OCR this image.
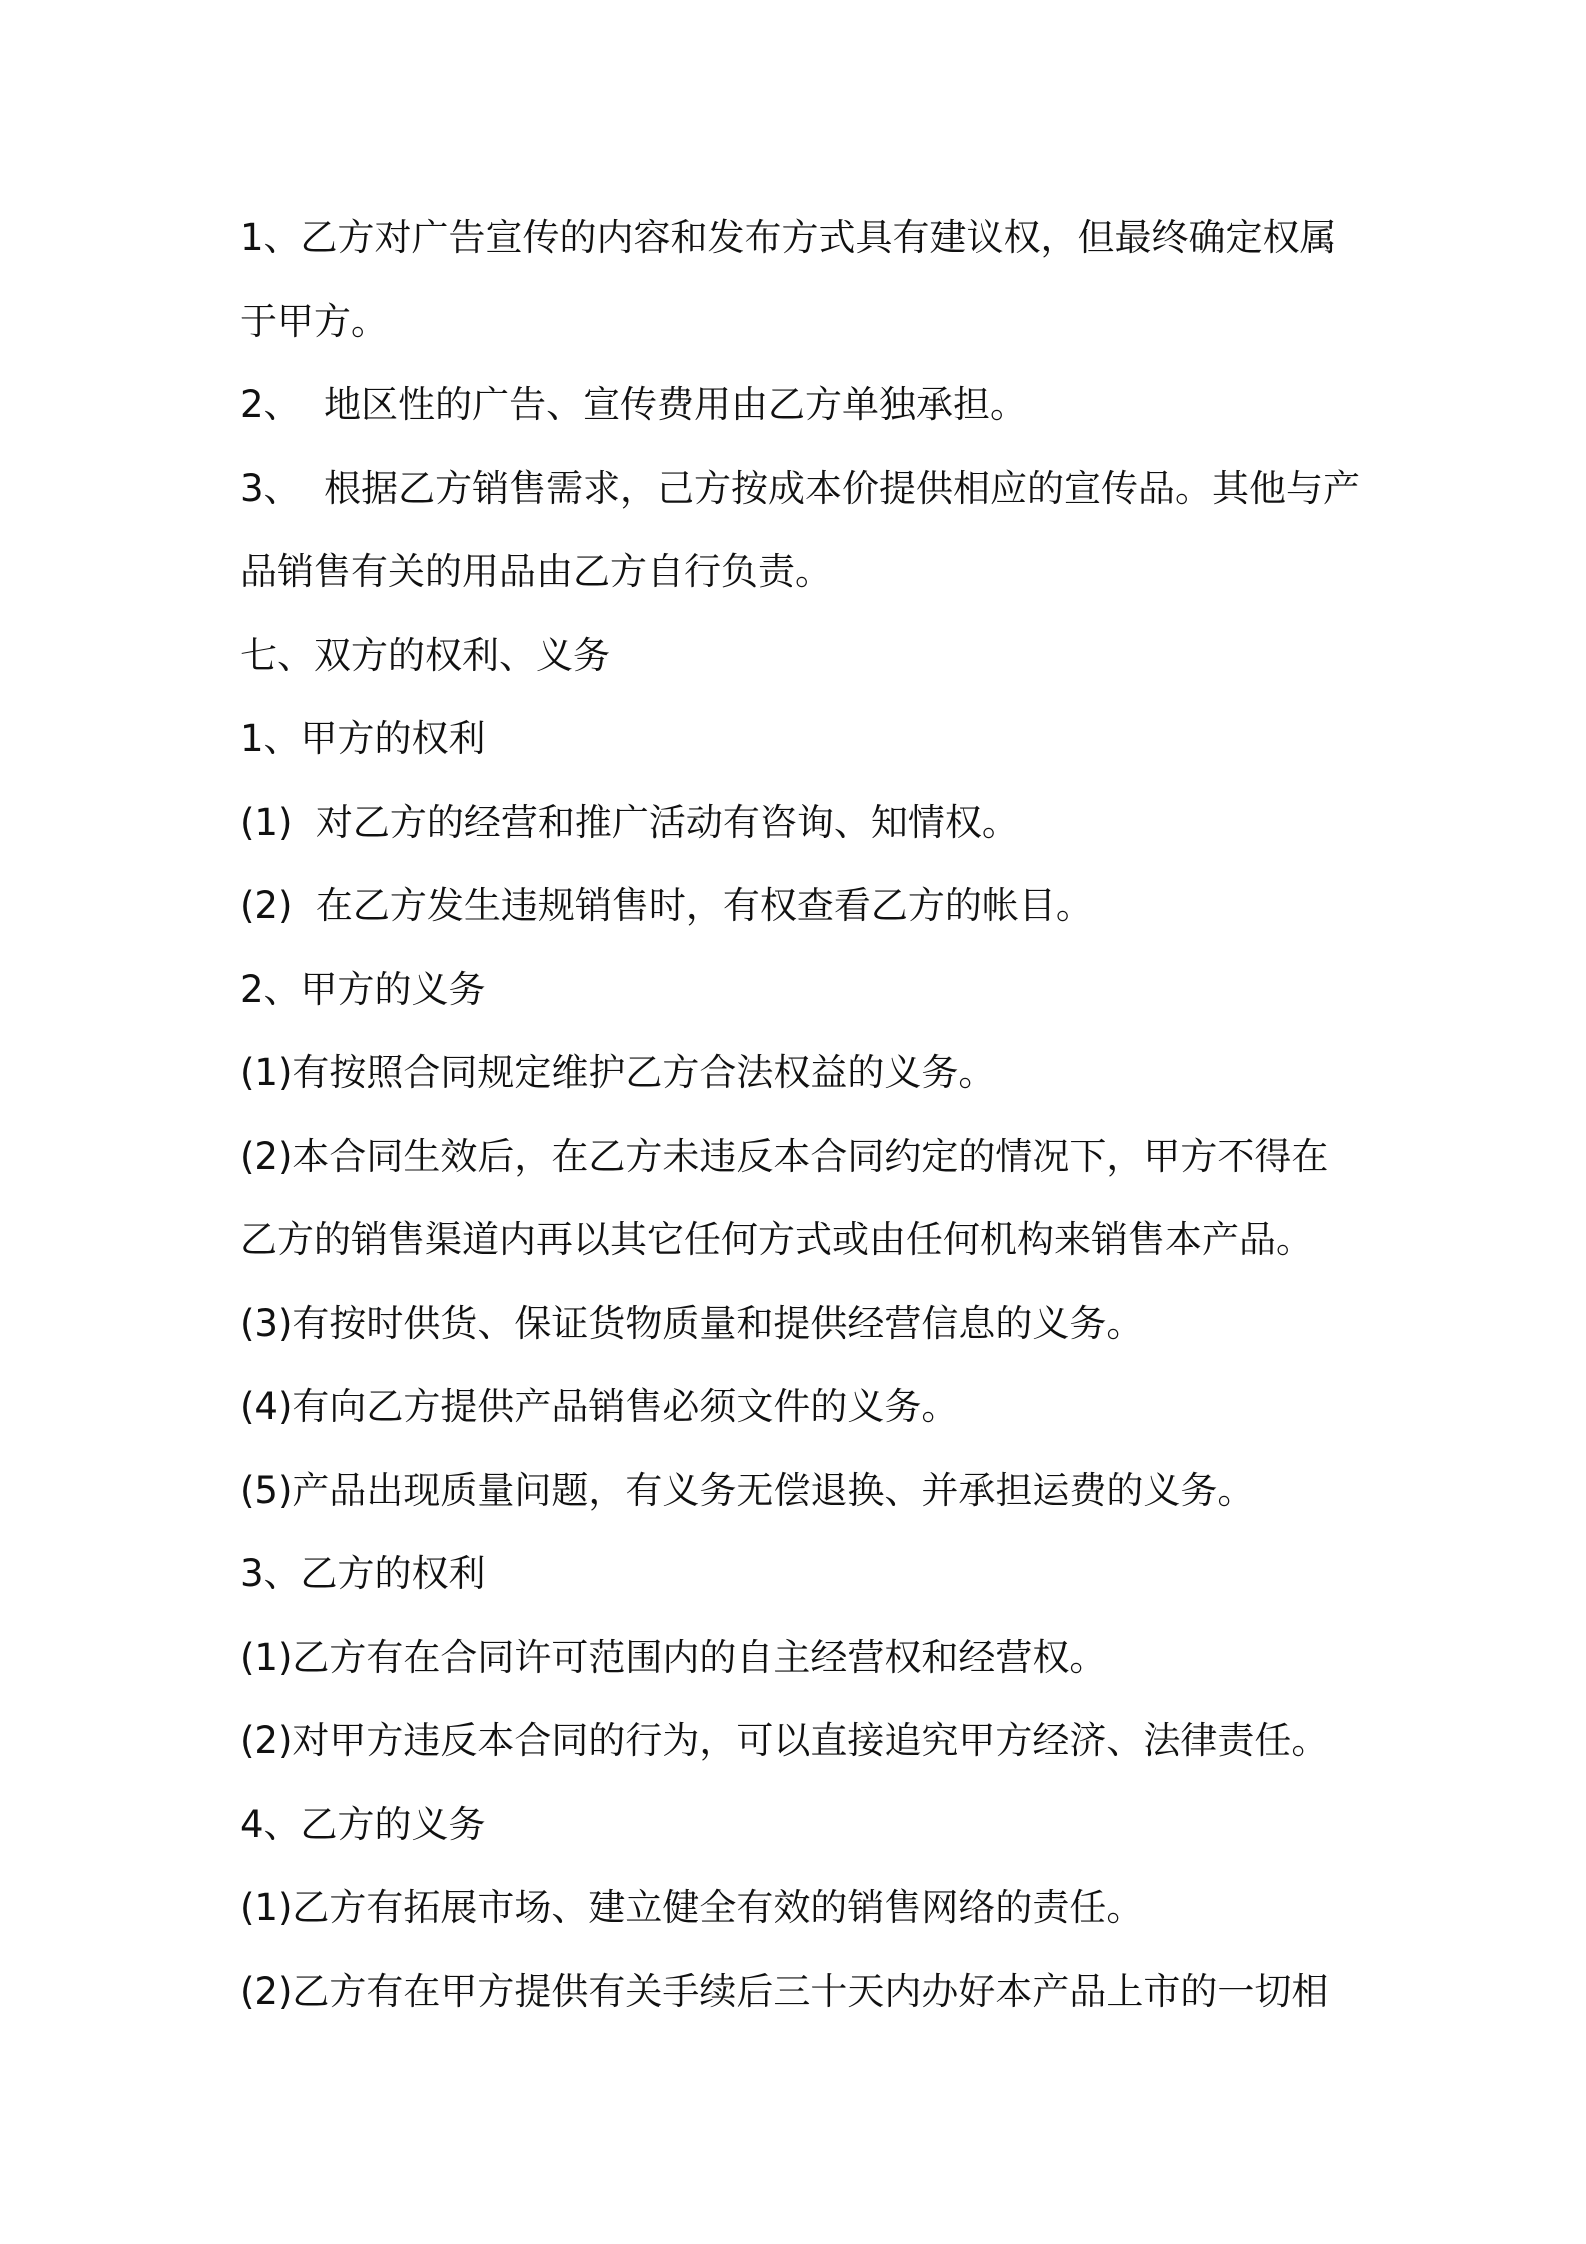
1、乙方对广告宣传的内容和发布方式具有建议权，但最终确定权属
于甲方。
2、  地区性的广告、宣传费用由乙方单独承担。
3、  根据乙方销售需求，己方按成本价提供相应的宣传品。其他与产
品销售有关的用品由乙方自行负责。
七、双方的权利、义务
1、甲方的权利
(1)  对乙方的经营和推广活动有咨询、知情权。
(2)  在乙方发生违规销售时，有权查看乙方的帐目。
2、甲方的义务
(1)有按照合同规定维护乙方合法权益的义务。
(2)本合同生效后，在乙方未违反本合同约定的情况下，甲方不得在
乙方的销售渠道内再以其它任何方式或由任何机构来销售本产品。
(3)有按时供货、保证货物质量和提供经营信息的义务。
(4)有向乙方提供产品销售必须文件的义务。
(5)产品出现质量问题，有义务无偿退换、并承担运费的义务。
3、乙方的权利
(1)乙方有在合同许可范围内的自主经营权和经营权。
(2)对甲方违反本合同的行为，可以直接追究甲方经济、法律责任。
4、乙方的义务
(1)乙方有拓展市场、建立健全有效的销售网络的责任。
(2)乙方有在甲方提供有关手续后三十天内办好本产品上市的一切相
